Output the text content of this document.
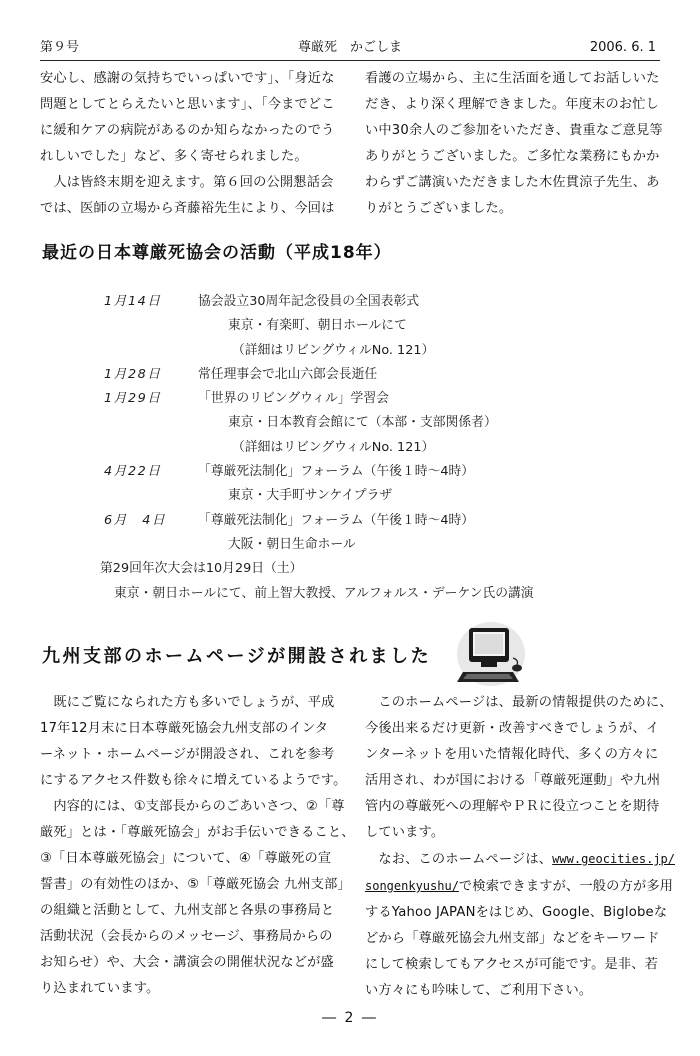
第９号	尊厳死　かごしま	2006. 6. 1

安心し、感謝の気持ちでいっぱいです」、「身近な

問題としてとらえたいと思います」、「今までどこ

に緩和ケアの病院があるのか知らなかったのでう

れしいでした」など、多く寄せられました。

　人は皆終末期を迎えます。第６回の公開懇話会

では、医師の立場から斉藤裕先生により、今回は

看護の立場から、主に生活面を通してお話しいた

だき、より深く理解できました。年度末のお忙し

い中30余人のご参加をいただき、貴重なご意見等

ありがとうございました。ご多忙な業務にもかか

わらずご講演いただきました木佐貫涼子先生、あ

りがとうございました。

最近の日本尊厳死協会の活動（平成18年）
1月14日	協会設立30周年記念役員の全国表彰式
東京・有楽町、朝日ホールにて
（詳細はリビングウィルNo. 121）
1月28日	常任理事会で北山六郎会長逝任
1月29日	「世界のリビングウィル」学習会
東京・日本教育会館にて（本部・支部関係者）
（詳細はリビングウィルNo. 121）
4月22日	「尊厳死法制化」フォーラム（午後１時〜4時）
東京・大手町サンケイプラザ
6月　4日 「尊厳死法制化」フォーラム（午後１時〜4時）
大阪・朝日生命ホール
第29回年次大会は10月29日（土）
東京・朝日ホールにて、前上智大教授、アルフォルス・デーケン氏の講演
九州支部のホームページが開設されました

　既にご覧になられた方も多いでしょうが、平成

17年12月末に日本尊厳死協会九州支部のインタ

ーネット・ホームページが開設され、これを参考

にするアクセス件数も徐々に増えているようです。

　内容的には、①支部長からのごあいさつ、②「尊

厳死」とは・「尊厳死協会」がお手伝いできること、

③「日本尊厳死協会」について、④「尊厳死の宣

誓書」の有効性のほか、⑤「尊厳死協会 九州支部」

の組織と活動として、九州支部と各県の事務局と

活動状況（会長からのメッセージ、事務局からの

お知らせ）や、大会・講演会の開催状況などが盛

り込まれています。

　このホームページは、最新の情報提供のために、

今後出来るだけ更新・改善すべきでしょうが、イ

ンターネットを用いた情報化時代、多くの方々に

活用され、わが国における「尊厳死運動」や九州

管内の尊厳死への理解やＰＲに役立つことを期待

しています。

　なお、このホームページは、www.geocities.jp/

songenkyushu/で検索できますが、一般の方が多用

するYahoo JAPANをはじめ、Google、Biglobeな

どから「尊厳死協会九州支部」などをキーワード

にして検索してもアクセスが可能です。是非、若

い方々にも吟味して、ご利用下さい。

― 2 ―
